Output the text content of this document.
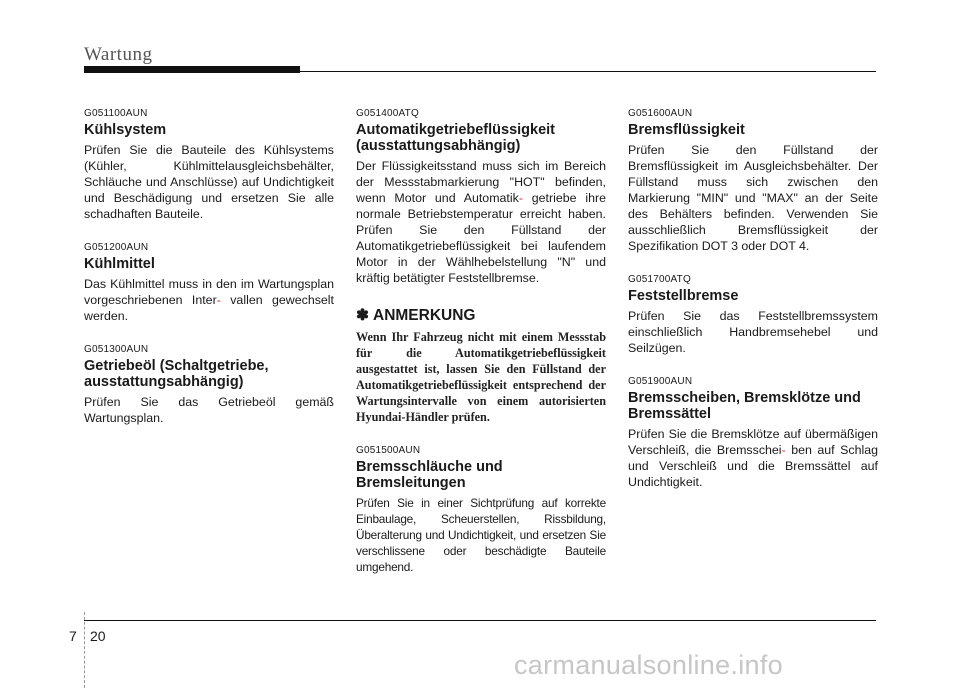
Wartung
G051100AUN
Kühlsystem
Prüfen Sie die Bauteile des Kühlsystems (Kühler, Kühlmittelausgleichsbehälter, Schläuche und Anschlüsse) auf Undichtigkeit und Beschädigung und ersetzen Sie alle schadhaften Bauteile.
G051200AUN
Kühlmittel
Das Kühlmittel muss in den im Wartungsplan vorgeschriebenen Inter- vallen gewechselt werden.
G051300AUN
Getriebeöl (Schaltgetriebe, ausstattungsabhängig)
Prüfen Sie das Getriebeöl gemäß Wartungsplan.
G051400ATQ
Automatikgetriebeflüssigkeit (ausstattungsabhängig)
Der Flüssigkeitsstand muss sich im Bereich der Messstabmarkierung "HOT" befinden, wenn Motor und Automatik- getriebe ihre normale Betriebstemperatur erreicht haben. Prüfen Sie den Füllstand der Automatikgetriebeflüssigkeit bei laufendem Motor in der Wählhebelstellung "N" und kräftig betätigter Feststellbremse.
✽ ANMERKUNG
Wenn Ihr Fahrzeug nicht mit einem Messstab für die Automatikgetriebeflüssigkeit ausgestattet ist, lassen Sie den Füllstand der Automatikgetriebeflüssigkeit entsprechend der Wartungsintervalle von einem autorisierten Hyundai-Händler prüfen.
G051500AUN
Bremsschläuche und Bremsleitungen
Prüfen Sie in einer Sichtprüfung auf korrekte Einbaulage, Scheuerstellen, Rissbildung, Überalterung und Undichtigkeit, und ersetzen Sie verschlissene oder beschädigte Bauteile umgehend.
G051600AUN
Bremsflüssigkeit
Prüfen Sie den Füllstand der Bremsflüssigkeit im Ausgleichsbehälter. Der Füllstand muss sich zwischen den Markierung "MIN" und "MAX" an der Seite des Behälters befinden. Verwenden Sie ausschließlich Bremsflüssigkeit der Spezifikation DOT 3 oder DOT 4.
G051700ATQ
Feststellbremse
Prüfen Sie das Feststellbremssystem einschließlich Handbremsehebel und Seilzügen.
G051900AUN
Bremsscheiben, Bremsklötze und Bremssättel
Prüfen Sie die Bremsklötze auf übermäßigen Verschleiß, die Bremsschei- ben auf Schlag und Verschleiß und die Bremssättel auf Undichtigkeit.
7 20
carmanualsonline.info
